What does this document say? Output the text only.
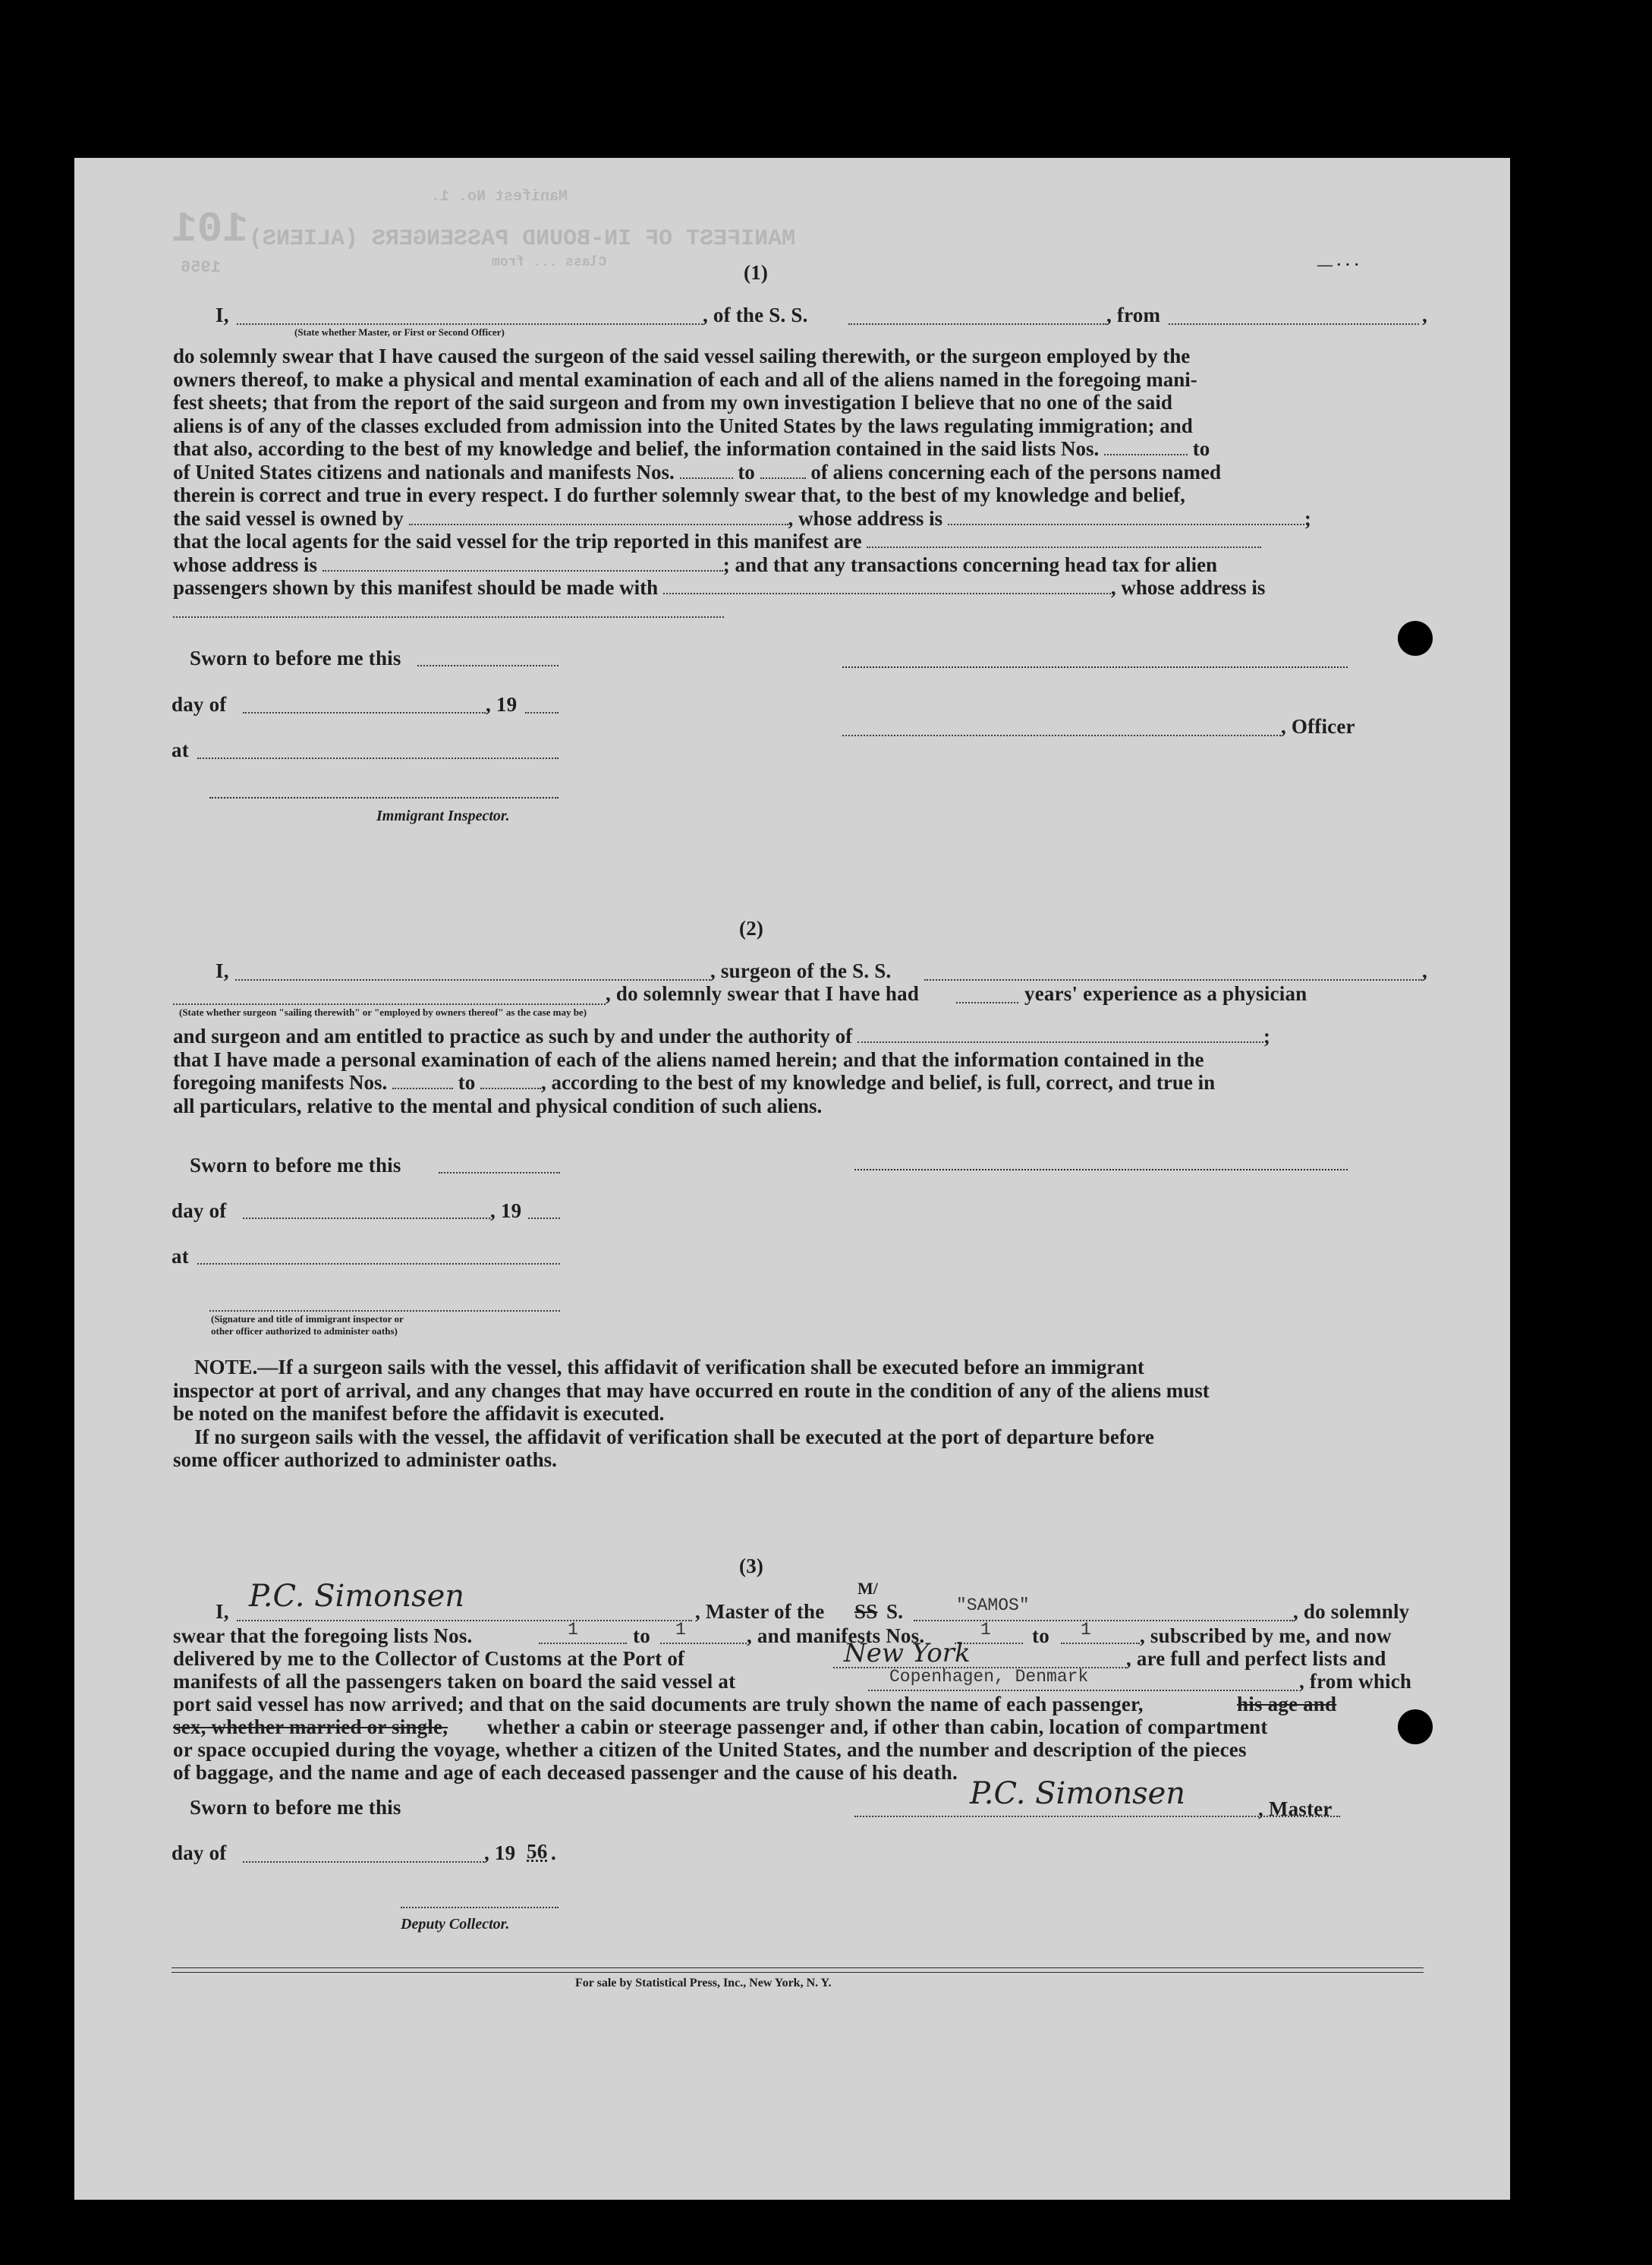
101 MANIFEST OF IN-BOUND PASSENGERS (ALIENS)
Manifest No. 1.
Class ... from
1956	— · · ·
(1)
I,
(State whether Master, or First or Second Officer)
, of the S. S.	, from	,
do solemnly swear that I have caused the surgeon of the said vessel sailing therewith, or the surgeon employed by the
owners thereof, to make a physical and mental examination of each and all of the aliens named in the foregoing mani-
fest sheets; that from the report of the said surgeon and from my own investigation I believe that no one of the said
aliens is of any of the classes excluded from admission into the United States by the laws regulating immigration; and
that also, according to the best of my knowledge and belief, the information contained in the said lists Nos.	to
of United States citizens and nationals and manifests Nos.	to	of aliens concerning each of the persons named
therein is correct and true in every respect. I do further solemnly swear that, to the best of my knowledge and belief,
the said vessel is owned by	, whose address is	;
that the local agents for the said vessel for the trip reported in this manifest are
whose address is	; and that any transactions concerning head tax for alien
passengers shown by this manifest should be made with	, whose address is
Sworn to before me this
day of	, 19
, Officer
at
Immigrant Inspector.
(2)
I,	, surgeon of the S. S.	,
, do solemnly swear that I have had	years' experience as a physician
(State whether surgeon "sailing therewith" or "employed by owners thereof" as the case may be)
and surgeon and am entitled to practice as such by and under the authority of	;
that I have made a personal examination of each of the aliens named herein; and that the information contained in the
foregoing manifests Nos.	to	, according to the best of my knowledge and belief, is full, correct, and true in
all particulars, relative to the mental and physical condition of such aliens.
Sworn to before me this
day of	, 19
at
(Signature and title of immigrant inspector or
other officer authorized to administer oaths)
NOTE.—If a surgeon sails with the vessel, this affidavit of verification shall be executed before an immigrant
inspector at port of arrival, and any changes that may have occurred en route in the condition of any of the aliens must
be noted on the manifest before the affidavit is executed.
If no surgeon sails with the vessel, the affidavit of verification shall be executed at the port of departure before
some officer authorized to administer oaths.
(3)
I, P.C. Simonsen	, Master of the SS
M/
S.	"SAMOS"	, do solemnly
swear that the foregoing lists Nos.	1	to 1	, and manifests Nos.	1 to 1 , subscribed by me, and now
delivered by me to the Collector of Customs at the Port of	New York	, are full and perfect lists and
manifests of all the passengers taken on board the said vessel at	Copenhagen, Denmark	, from which
port said vessel has now arrived; and that on the said documents are truly shown the name of each passenger,	his age and
sex, whether married or single, whether a cabin or steerage passenger and, if other than cabin, location of compartment
or space occupied during the voyage, whether a citizen of the United States, and the number and description of the pieces
of baggage, and the name and age of each deceased passenger and the cause of his death.
Sworn to before me this	P.C. Simonsen	, Master
day of	, 19 56 .
Deputy Collector.
For sale by Statistical Press, Inc., New York, N. Y.
